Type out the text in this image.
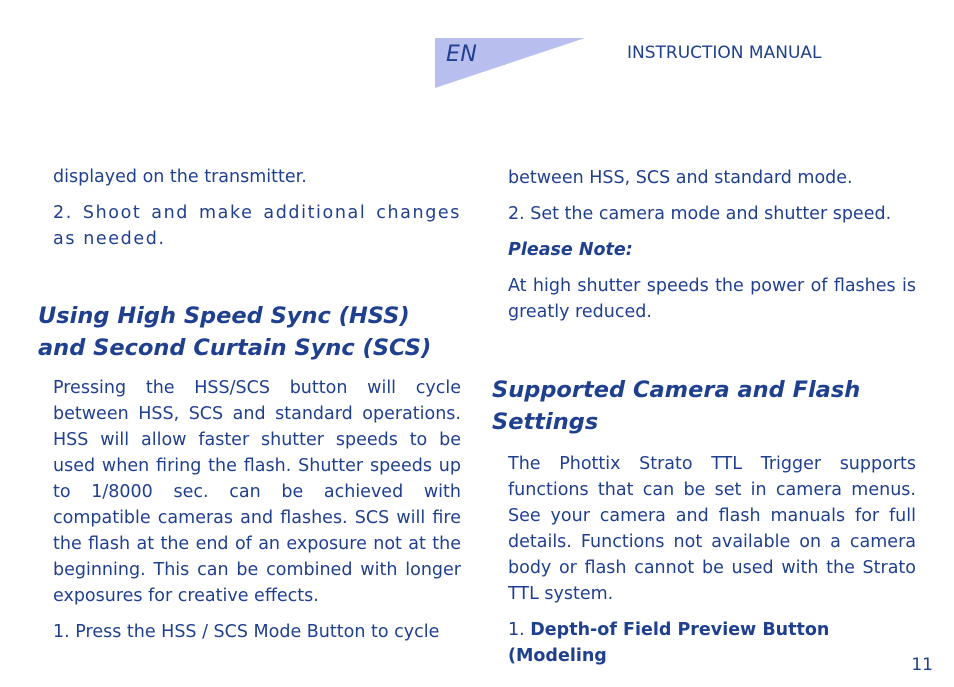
EN	INSTRUCTION MANUAL

displayed on the transmitter.

2. Shoot and make additional changes as needed.

Using High Speed Sync (HSS) and Second Curtain Sync (SCS)

Pressing the HSS/SCS button will cycle between HSS, SCS and standard operations. HSS will allow faster shutter speeds to be used when firing the flash. Shutter speeds up to 1/8000 sec. can be achieved with compatible cameras and flashes. SCS will fire the flash at the end of an exposure not at the beginning. This can be combined with longer exposures for creative effects.

1. Press the HSS / SCS Mode Button to cycle

between HSS, SCS and standard mode.

2. Set the camera mode and shutter speed.

Please Note:

At high shutter speeds the power of flashes is greatly reduced.

Supported Camera and Flash Settings

The Phottix Strato TTL Trigger supports functions that can be set in camera menus. See your camera and flash manuals for full details. Functions not available on a camera body or flash cannot be used with the Strato TTL system.

1. Depth-of Field Preview Button (Modeling	11
